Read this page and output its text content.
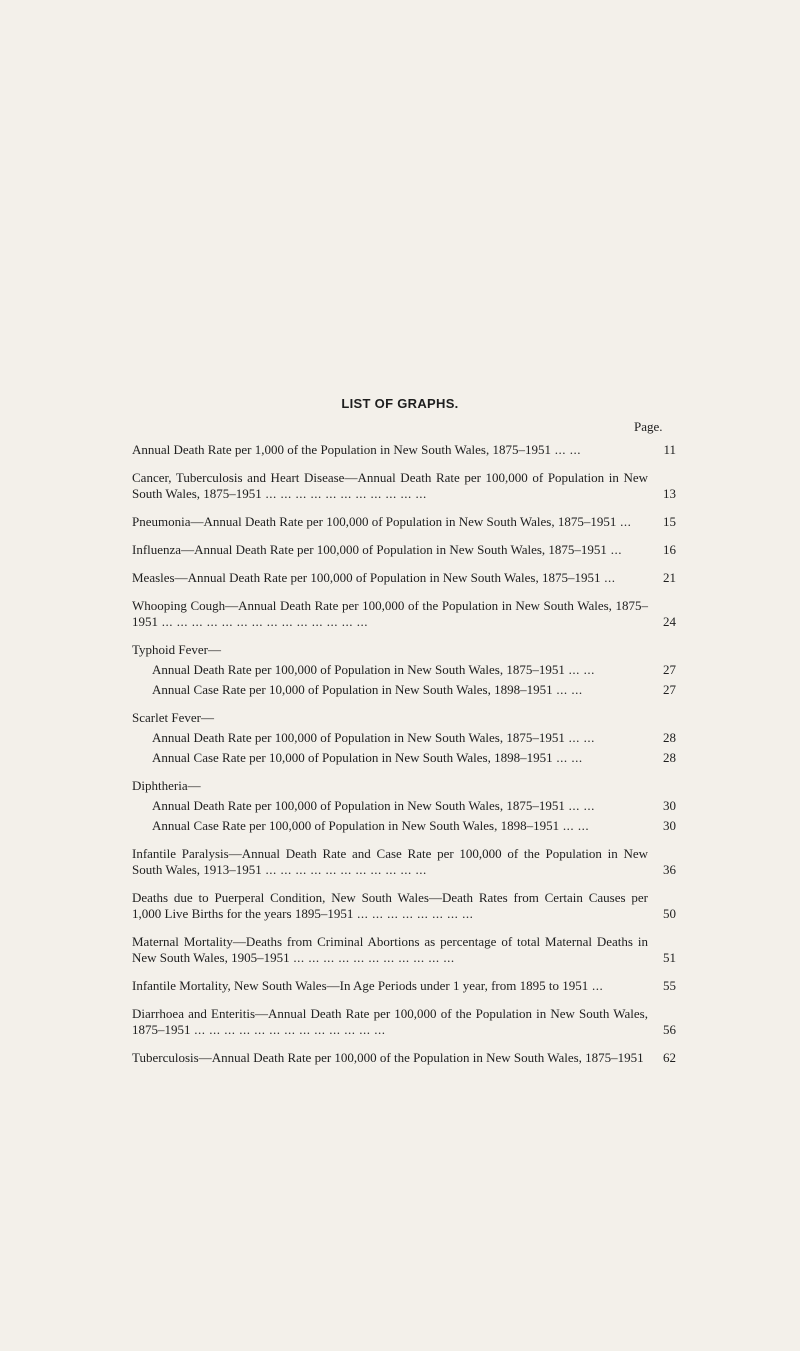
LIST OF GRAPHS.
Page.
Annual Death Rate per 1,000 of the Population in New South Wales, 1875–1951 ... ...	11
Cancer, Tuberculosis and Heart Disease—Annual Death Rate per 100,000 of Population in New South Wales, 1875–1951 ... ... ... ... ... ... ... ... ... ... ...	13
Pneumonia—Annual Death Rate per 100,000 of Population in New South Wales, 1875–1951 ...	15
Influenza—Annual Death Rate per 100,000 of Population in New South Wales, 1875–1951 ...	16
Measles—Annual Death Rate per 100,000 of Population in New South Wales, 1875–1951 ...	21
Whooping Cough—Annual Death Rate per 100,000 of the Population in New South Wales, 1875–1951 ... ... ... ... ... ... ... ... ... ... ... ... ... ...	24
Typhoid Fever—
Annual Death Rate per 100,000 of Population in New South Wales, 1875–1951 ... ...	27
Annual Case Rate per 10,000 of Population in New South Wales, 1898–1951 ... ...	27
Scarlet Fever—
Annual Death Rate per 100,000 of Population in New South Wales, 1875–1951 ... ...	28
Annual Case Rate per 10,000 of Population in New South Wales, 1898–1951 ... ...	28
Diphtheria—
Annual Death Rate per 100,000 of Population in New South Wales, 1875–1951 ... ...	30
Annual Case Rate per 100,000 of Population in New South Wales, 1898–1951 ... ...	30
Infantile Paralysis—Annual Death Rate and Case Rate per 100,000 of the Population in New South Wales, 1913–1951 ... ... ... ... ... ... ... ... ... ... ...	36
Deaths due to Puerperal Condition, New South Wales—Death Rates from Certain Causes per 1,000 Live Births for the years 1895–1951 ... ... ... ... ... ... ... ...	50
Maternal Mortality—Deaths from Criminal Abortions as percentage of total Maternal Deaths in New South Wales, 1905–1951 ... ... ... ... ... ... ... ... ... ... ...	51
Infantile Mortality, New South Wales—In Age Periods under 1 year, from 1895 to 1951 ...	55
Diarrhoea and Enteritis—Annual Death Rate per 100,000 of the Population in New South Wales, 1875–1951 ... ... ... ... ... ... ... ... ... ... ... ... ...	56
Tuberculosis—Annual Death Rate per 100,000 of the Population in New South Wales, 1875–1951	62
